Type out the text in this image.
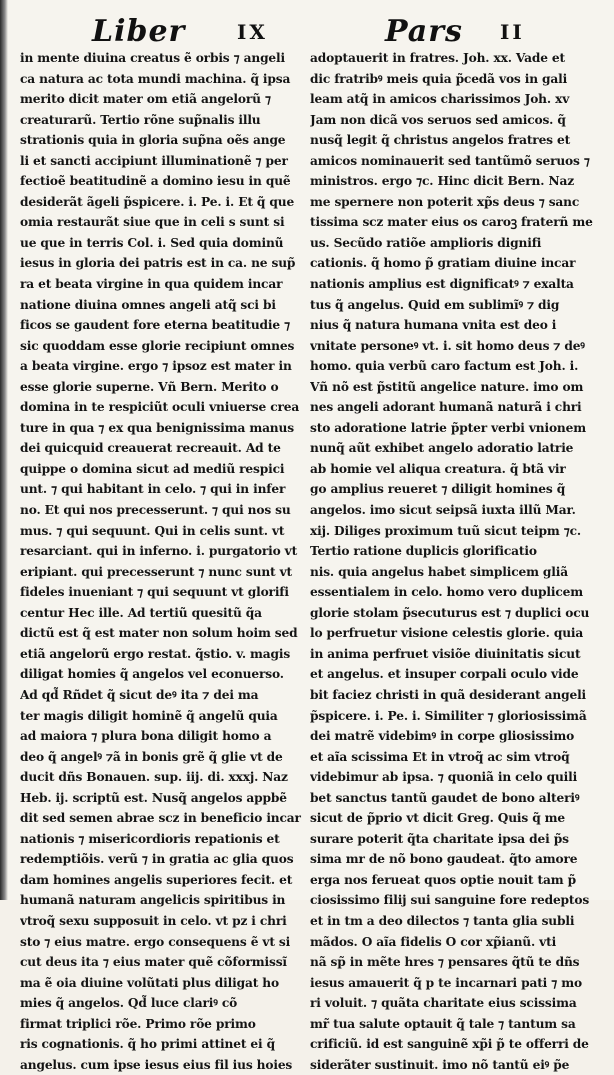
Liber	IX	Pars II
in mente diuina creatus ẽ orbis ⁊ angeli
ca natura ac tota mundi machina. q̃ ipsa
merito dicit mater om etiã angelorũ ⁊
creaturarũ. Tertio rõne sup̃nalis illu
strationis quia in gloria sup̃na oẽs ange
li et sancti accipiunt illuminationẽ ⁊ per
fectioẽ beatitudinẽ a domino iesu in quẽ
desiderãt ãgeli p̃spicere. i. Pe. i. Et q̃ que
omia restaurãt siue que in celi s sunt si
ue que in terris Col. i. Sed quia dominũ
iesus in gloria dei patris est in ca. ne sup̃
ra et beata virgine in qua quidem incar
natione diuina omnes angeli atq̃ sci bi
ficos se gaudent fore eterna beatitudie ⁊
sic quoddam esse glorie recipiunt omnes
a beata virgine. ergo ⁊ ipsoz est mater in
esse glorie superne. Vñ Bern. Merito o
domina in te respiciũt oculi vniuerse crea
ture in qua ⁊ ex qua benignissima manus
dei quicquid creauerat recreauit. Ad te
quippe o domina sicut ad mediũ respici
unt. ⁊ qui habitant in celo. ⁊ qui in infer
no. Et qui nos precesserunt. ⁊ qui nos su
mus. ⁊ qui sequunt. Qui in celis sunt. vt
resarciant. qui in inferno. i. purgatorio vt
eripiant. qui precesserunt ⁊ nunc sunt vt
fideles inueniant ⁊ qui sequunt vt glorifi
centur Hec ille. Ad tertiũ quesitũ q̃a
dictũ est q̃ est mater non solum hoim sed
etiã angelorũ ergo restat. q̃stio. v. magis
diligat homies q̃ angelos vel econuerso.
Ad qd̃ Rñdet q̃ sicut deꝰ ita ⁊ dei ma
ter magis diligit hominẽ q̃ angelũ quia
ad maiora ⁊ plura bona diligit homo a
deo q̃ angelꝰ ⁊ã in bonis grẽ q̃ glie vt de
ducit dñs Bonauen. sup. iij. di. xxxj. Naz
Heb. ij. scriptũ est. Nusq̃ angelos appbẽ
dit sed semen abrae scz in beneficio incar
nationis ⁊ misericordioris repationis et
redemptiõis. verũ ⁊ in gratia ac glia quos
dam homines angelis superiores fecit. et
humanã naturam angelicis spiritibus in
vtroq̃ sexu supposuit in celo. vt pz i chri
sto ⁊ eius matre. ergo consequens ẽ vt si
cut deus ita ⁊ eius mater quẽ cõformissĩ
ma ẽ oia diuine volũtati plus diligat ho
mies q̃ angelos. Qd̃ luce clariꝰ cõ
firmat triplici rõe. Primo rõe primo
ris cognationis. q̃ ho primi attinet ei q̃
angelus. cum ipse iesus eius fil ius hoies
adoptauerit in fratres. Joh. xx. Vade et
dic fratribꝰ meis quia p̃cedã vos in gali
leam atq̃ in amicos charissimos Joh. xv
Jam non dicã vos seruos sed amicos. q̃
nusq̃ legit q̃ christus angelos fratres et
amicos nominauerit sed tantũmõ seruos ⁊
ministros. ergo ⁊c. Hinc dicit Bern. Naz
me spernere non poterit xp̃s deus ⁊ sanc
tissima scz mater eius os caroꝫ fraterñ me
us. Secũdo ratiõe amplioris dignifi
cationis. q̃ homo p̃ gratiam diuine incar
nationis amplius est dignificatꝰ ⁊ exalta
tus q̃ angelus. Quid em sublimĩꝰ ⁊ dig
nius q̃ natura humana vnita est deo i
vnitate personeꝰ vt. i. sit homo deus ⁊ deꝰ
homo. quia verbũ caro factum est Joh. i.
Vñ nõ est p̃stitũ angelice nature. imo om
nes angeli adorant humanã naturã i chri
sto adoratione latrie p̃pter verbi vnionem
nunq̃ aũt exhibet angelo adoratio latrie
ab homie vel aliqua creatura. q̃ btã vir
go amplius reueret ⁊ diligit homines q̃
angelos. imo sicut seipsã iuxta illũ Mar.
xij. Diliges proximum tuũ sicut teipm ⁊c.
Tertio ratione duplicis glorificatio
nis. quia angelus habet simplicem gliã
essentialem in celo. homo vero duplicem
glorie stolam p̃secuturus est ⁊ duplici ocu
lo perfruetur visione celestis glorie. quia
in anima perfruet visiõe diuinitatis sicut
et angelus. et insuper corpali oculo vide
bit faciez christi in quã desiderant angeli
p̃spicere. i. Pe. i. Similiter ⁊ gloriosissimã
dei matrẽ videbimꝰ in corpe gliosissimo
et aĩa scissima Et in vtroq̃ ac sim vtroq̃
videbimur ab ipsa. ⁊ quoniã in celo quili
bet sanctus tantũ gaudet de bono alteriꝰ
sicut de p̃prio vt dicit Greg. Quis q̃ me
surare poterit q̃ta charitate ipsa dei p̃s
sima mr de nõ bono gaudeat. q̃to amore
erga nos ferueat quos optie nouit tam p̃
ciosissimo filij sui sanguine fore redeptos
et in tm a deo dilectos ⁊ tanta glia subli
mãdos. O aĩa fidelis O cor xp̃ianũ. vti
nã sp̃ in mẽte hres ⁊ pensares q̃tũ te dñs
iesus amauerit q̃ p te incarnari pati ⁊ mo
ri voluit. ⁊ quãta charitate eius scissima
mr̃ tua salute optauit q̃ tale ⁊ tantum sa
crificiũ. id est sanguinẽ xp̃i p̃ te offerri de
siderãter sustinuit. imo nõ tantũ eiꝰ p̃e
